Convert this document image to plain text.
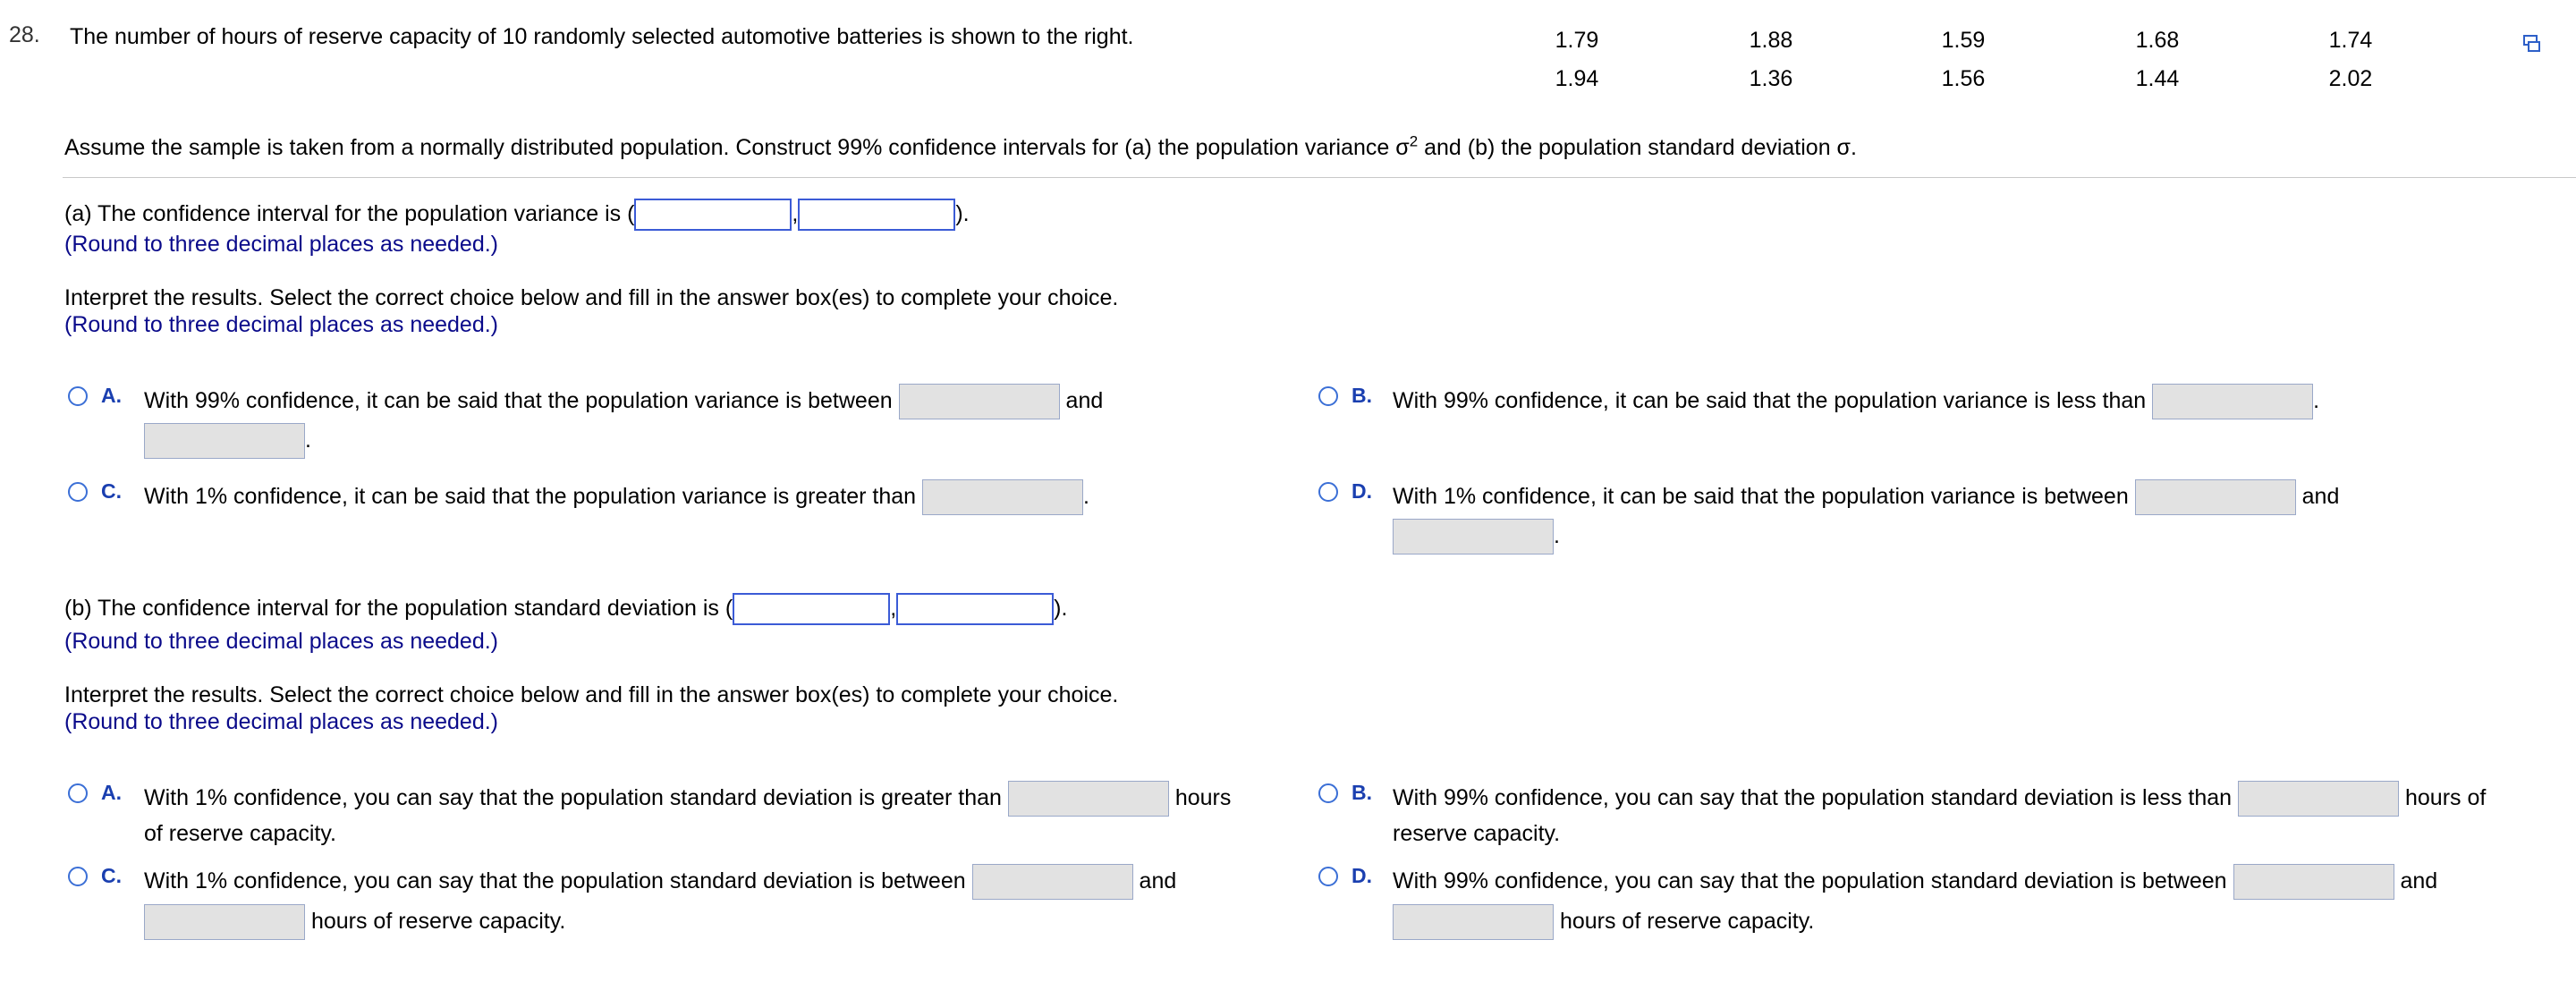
28. The number of hours of reserve capacity of 10 randomly selected automotive batteries is shown to the right.	1.79	1.88	1.59	1.68	1.74
1.94	1.36	1.56	1.44	2.02
Assume the sample is taken from a normally distributed population. Construct 99% confidence intervals for (a) the population variance $\sigma^2$ and (b) the population standard deviation σ.
(a) The confidence interval for the population variance is (	,	).
(Round to three decimal places as needed.)
Interpret the results. Select the correct choice below and fill in the answer box(es) to complete your choice.
(Round to three decimal places as needed.)
A. With 99% confidence, it can be said that the population variance is between	and
.
B. With 99% confidence, it can be said that the population variance is less than	.
C. With 1% confidence, it can be said that the population variance is greater than	.	D. With 1% confidence, it can be said that the population variance is between	and
.
(b) The confidence interval for the population standard deviation is (	,	).
(Round to three decimal places as needed.)
Interpret the results. Select the correct choice below and fill in the answer box(es) to complete your choice.
(Round to three decimal places as needed.)
A. With 1% confidence, you can say that the population standard deviation is greater than	hours
of reserve capacity.
B. With 99% confidence, you can say that the population standard deviation is less than	hours of
reserve capacity.
C. With 1% confidence, you can say that the population standard deviation is between	and
hours of reserve capacity.
D. With 99% confidence, you can say that the population standard deviation is between	and
hours of reserve capacity.
